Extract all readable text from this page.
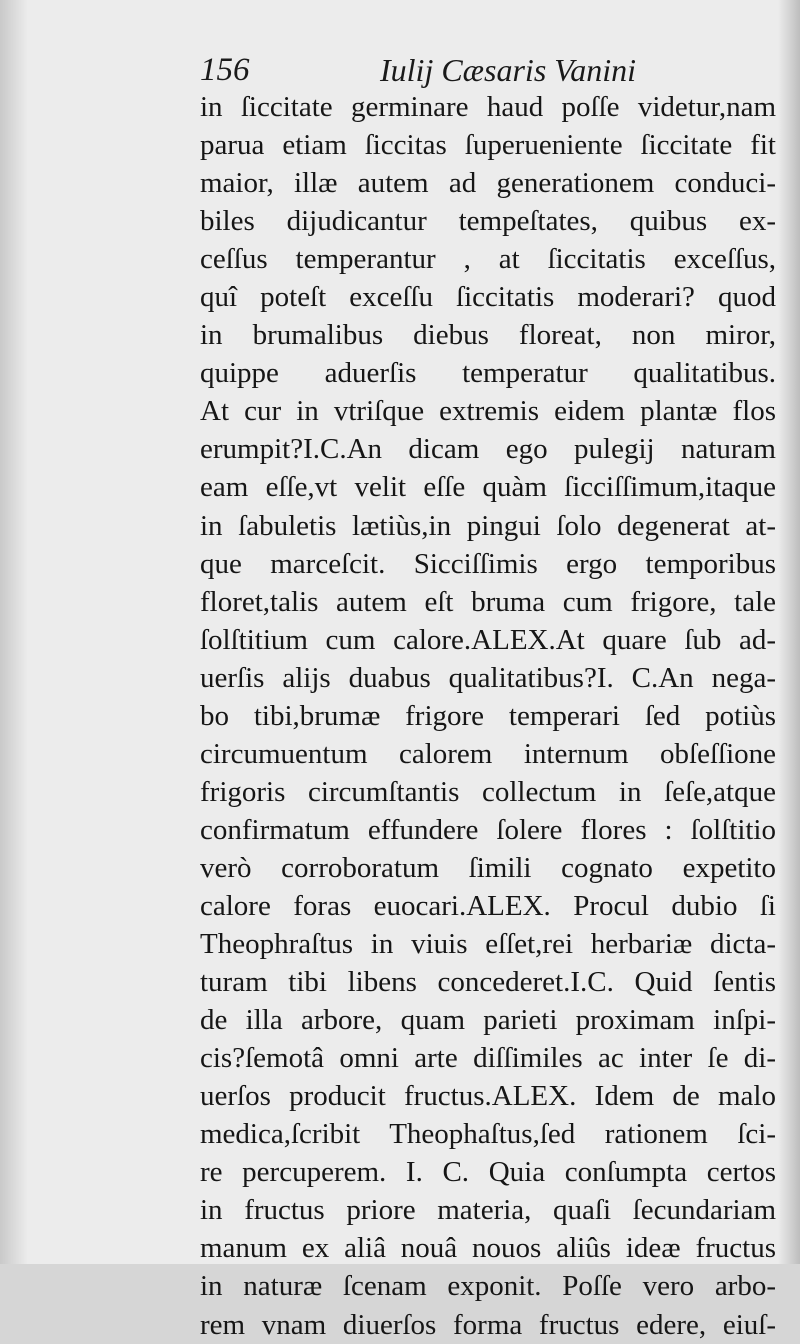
156	Iulij Cæsaris Vanini
in ſiccitate germinare haud poſſe videtur,nam
parua etiam ſiccitas ſuperueniente ſiccitate fit
maior, illæ autem ad generationem conduci-
biles dijudicantur tempeſtates, quibus ex-
ceſſus temperantur , at ſiccitatis exceſſus,
quî poteſt exceſſu ſiccitatis moderari? quod
in brumalibus diebus floreat, non miror,
quippe aduerſis temperatur qualitatibus.
At cur in vtriſque extremis eidem plantæ flos
erumpit?I.C.An dicam ego pulegij naturam
eam eſſe,vt velit eſſe quàm ſicciſſimum,itaque
in ſabuletis lætiùs,in pingui ſolo degenerat at-
que marceſcit. Sicciſſimis ergo temporibus
floret,talis autem eſt bruma cum frigore, tale
ſolſtitium cum calore.ALEX.At quare ſub ad-
uerſis alijs duabus qualitatibus?I. C.An nega-
bo tibi,brumæ frigore temperari ſed potiùs
circumuentum calorem internum obſeſſione
frigoris circumſtantis collectum in ſeſe,atque
confirmatum effundere ſolere flores : ſolſtitio
verò corroboratum ſimili cognato expetito
calore foras euocari.ALEX. Procul dubio ſi
Theophraſtus in viuis eſſet,rei herbariæ dicta-
turam tibi libens concederet.I.C. Quid ſentis
de illa arbore, quam parieti proximam inſpi-
cis?ſemotâ omni arte diſſimiles ac inter ſe di-
uerſos producit fructus.ALEX. Idem de malo
medica,ſcribit Theophaſtus,ſed rationem ſci-
re percuperem. I. C. Quia conſumpta certos
in fructus priore materia, quaſi ſecundariam
manum ex aliâ nouâ nouos aliûs ideæ fructus
in naturæ ſcenam exponit. Poſſe vero arbo-
rem vnam diuerſos forma fructus edere, eiuſ-
